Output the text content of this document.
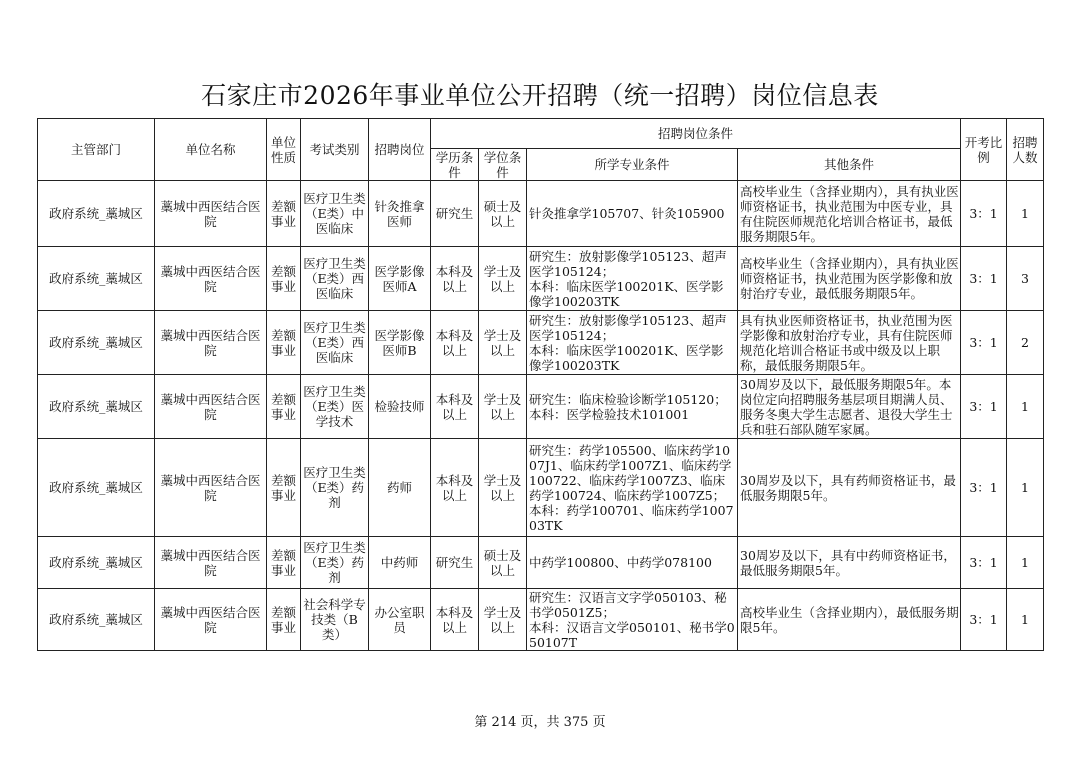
石家庄市2026年事业单位公开招聘（统一招聘）岗位信息表
主管部门	单位名称	单位性质	考试类别	招聘岗位	招聘岗位条件				开考比例	招聘人数
					学历条件	学位条件	所学专业条件	其他条件		
政府系统_藁城区	藁城中西医结合医院	差额事业	医疗卫生类（E类）中医临床	针灸推拿医师	研究生	硕士及以上	针灸推拿学105707、针灸105900	高校毕业生（含择业期内），具有执业医师资格证书，执业范围为中医专业，具有住院医师规范化培训合格证书，最低服务期限5年。	3：1	1
政府系统_藁城区	藁城中西医结合医院	差额事业	医疗卫生类（E类）西医临床	医学影像医师A	本科及以上	学士及以上	研究生：放射影像学105123、超声医学105124；
本科：临床医学100201K、医学影像学100203TK	高校毕业生（含择业期内），具有执业医师资格证书，执业范围为医学影像和放射治疗专业，最低服务期限5年。	3：1	3
政府系统_藁城区	藁城中西医结合医院	差额事业	医疗卫生类（E类）西医临床	医学影像医师B	本科及以上	学士及以上	研究生：放射影像学105123、超声医学105124；
本科：临床医学100201K、医学影像学100203TK	具有执业医师资格证书，执业范围为医学影像和放射治疗专业，具有住院医师规范化培训合格证书或中级及以上职称，最低服务期限5年。	3：1	2
政府系统_藁城区	藁城中西医结合医院	差额事业	医疗卫生类（E类）医学技术	检验技师	本科及以上	学士及以上	研究生：临床检验诊断学105120；
本科：医学检验技术101001	30周岁及以下，最低服务期限5年。本岗位定向招聘服务基层项目期满人员、服务冬奥大学生志愿者、退役大学生士兵和驻石部队随军家属。	3：1	1
政府系统_藁城区	藁城中西医结合医院	差额事业	医疗卫生类（E类）药剂	药师	本科及以上	学士及以上	研究生：药学105500、临床药学1007J1、临床药学1007Z1、临床药学100722、临床药学1007Z3、临床药学100724、临床药学1007Z5；
本科：药学100701、临床药学100703TK	30周岁及以下，具有药师资格证书，最低服务期限5年。	3：1	1
政府系统_藁城区	藁城中西医结合医院	差额事业	医疗卫生类（E类）药剂	中药师	研究生	硕士及以上	中药学100800、中药学078100	30周岁及以下，具有中药师资格证书，最低服务期限5年。	3：1	1
政府系统_藁城区	藁城中西医结合医院	差额事业	社会科学专技类（B类）	办公室职员	本科及以上	学士及以上	研究生：汉语言文字学050103、秘书学0501Z5；
本科：汉语言文学050101、秘书学050107T	高校毕业生（含择业期内），最低服务期限5年。	3：1	1
第 214 页，共 375 页
